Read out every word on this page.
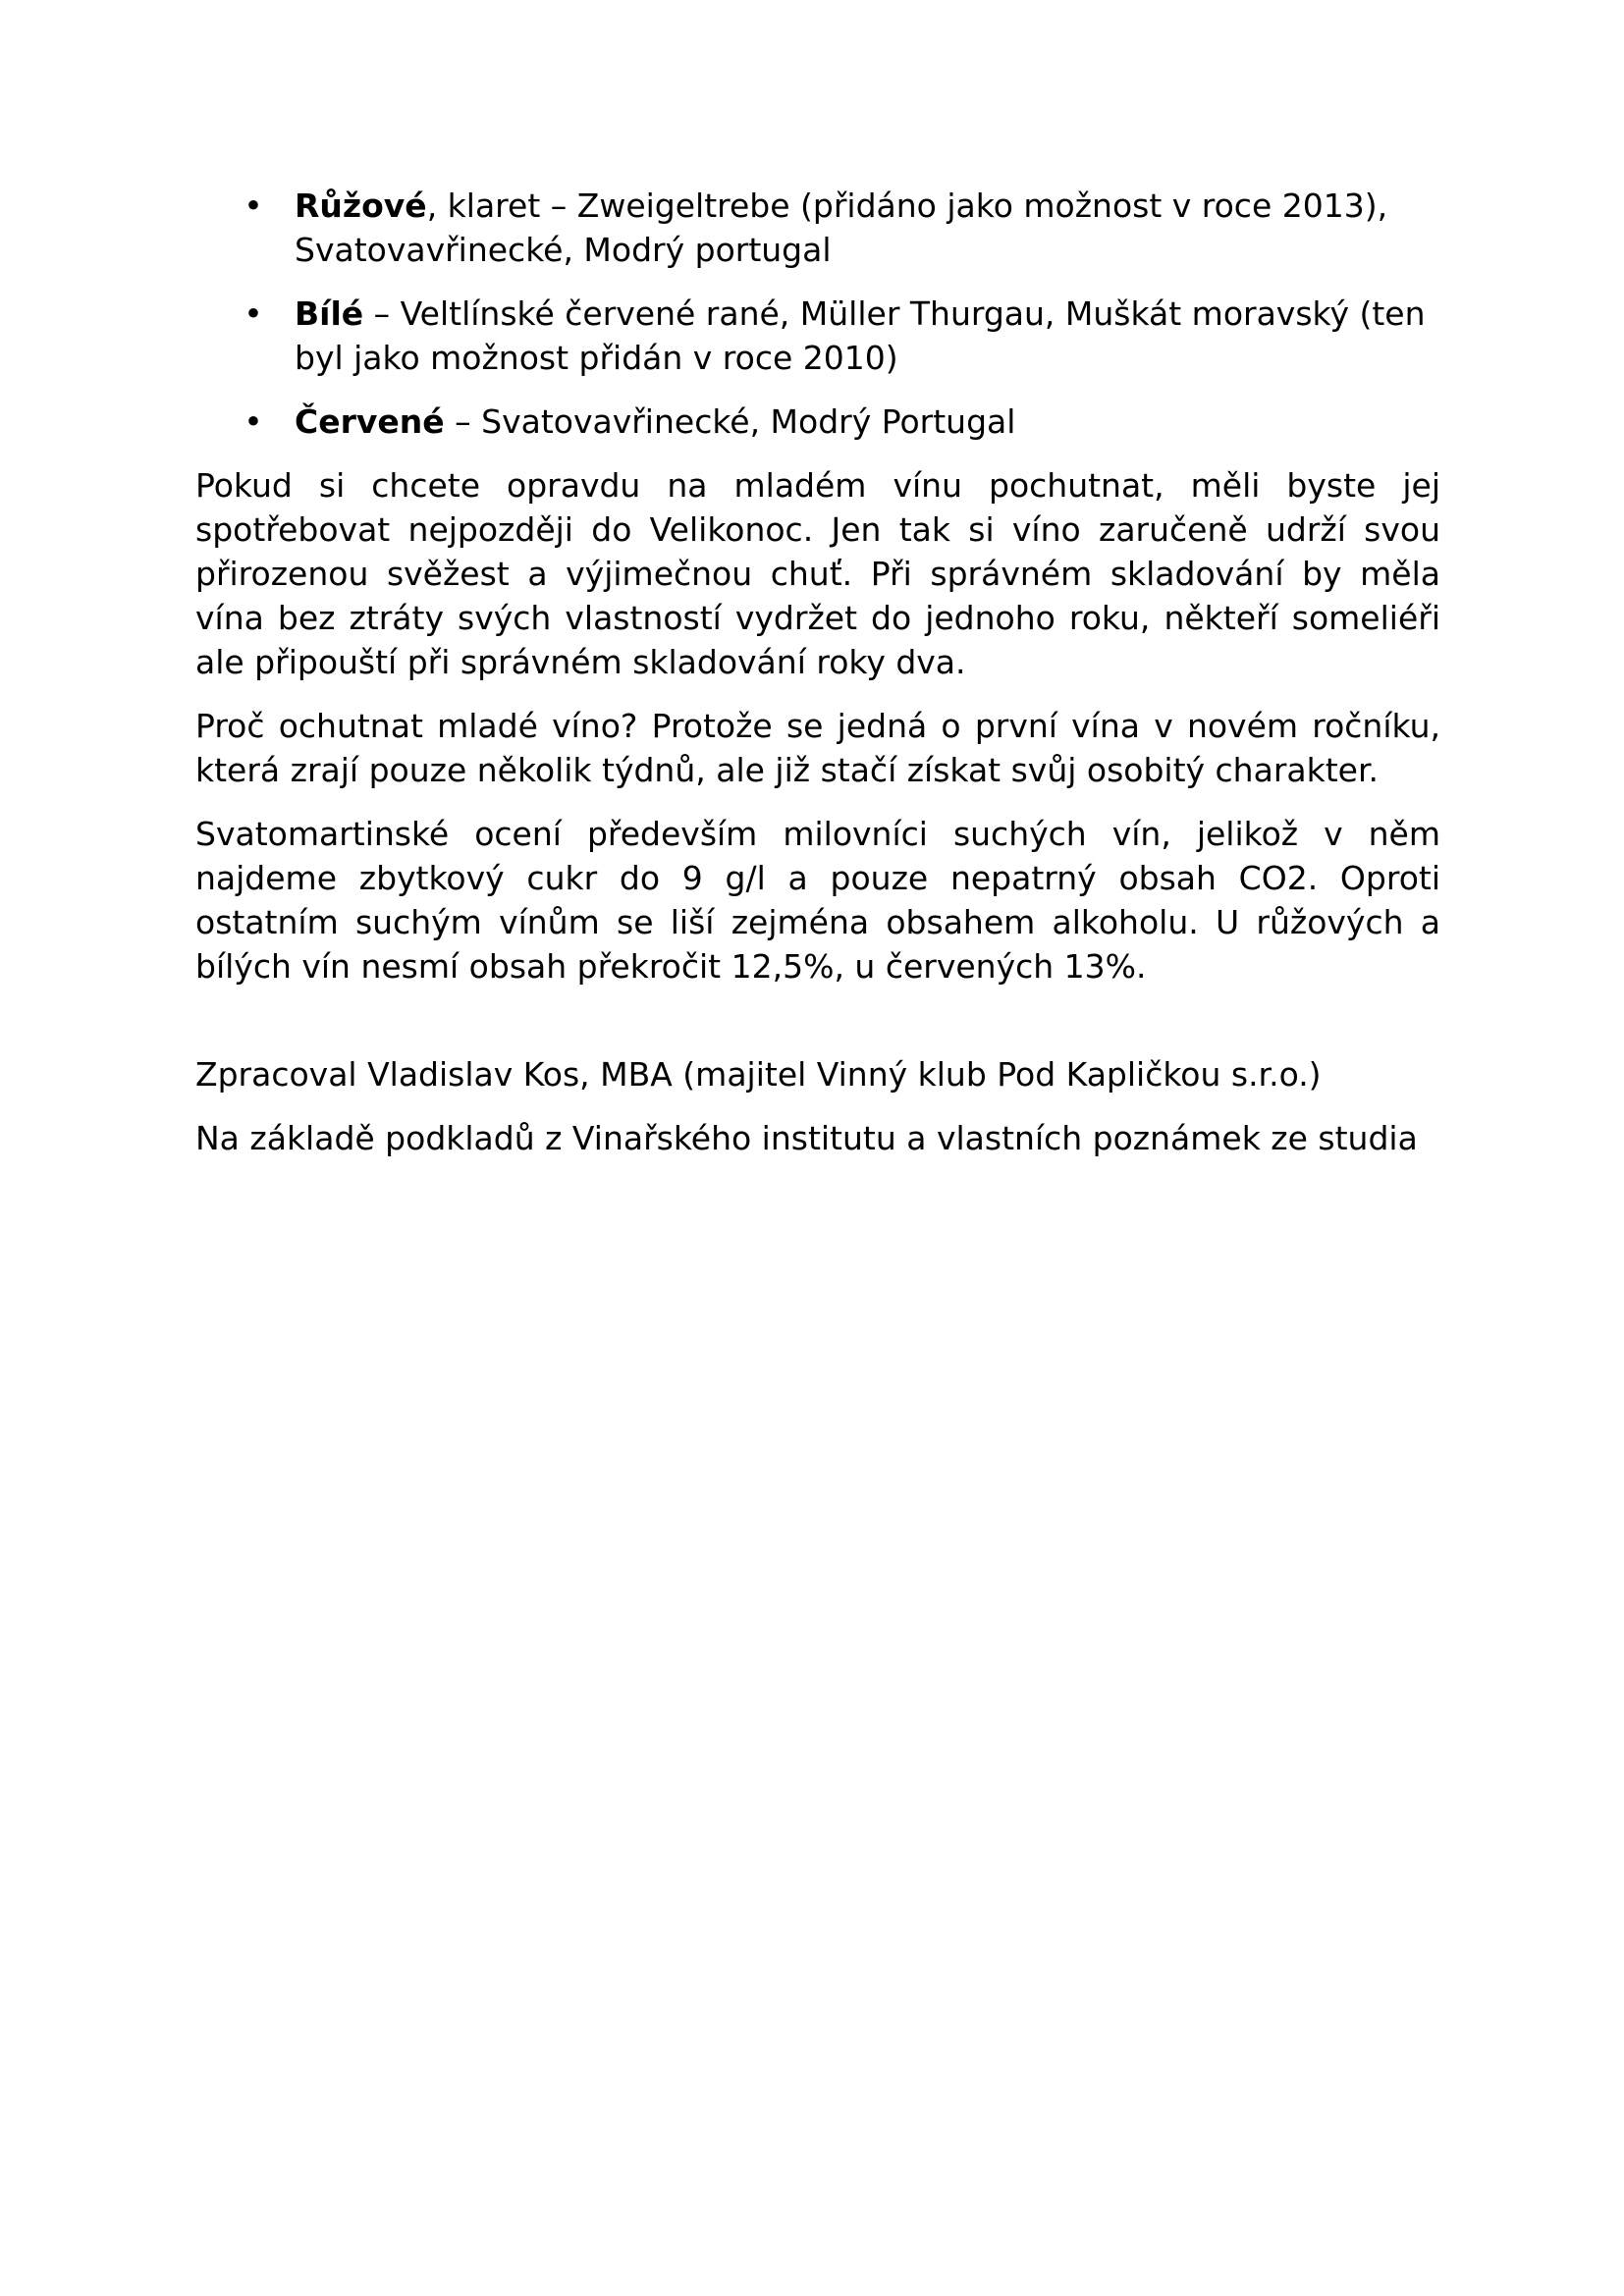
• Růžové, klaret – Zweigeltrebe (přidáno jako možnost v roce 2013), Svatovavřinecké, Modrý portugal
• Bílé – Veltlínské červené rané, Müller Thurgau, Muškát moravský (ten byl jako možnost přidán v roce 2010)
• Červené – Svatovavřinecké, Modrý Portugal

Pokud si chcete opravdu na mladém vínu pochutnat, měli byste jej spotřebovat nejpozději do Velikonoc. Jen tak si víno zaručeně udrží svou přirozenou svěžest a výjimečnou chuť. Při správném skladování by měla vína bez ztráty svých vlastností vydržet do jednoho roku, někteří someliéři ale připouští při správném skladování roky dva.

Proč ochutnat mladé víno? Protože se jedná o první vína v novém ročníku, která zrají pouze několik týdnů, ale již stačí získat svůj osobitý charakter.

Svatomartinské ocení především milovníci suchých vín, jelikož v něm najdeme zbytkový cukr do 9 g/l a pouze nepatrný obsah CO2. Oproti ostatním suchým vínům se liší zejména obsahem alkoholu. U růžových a bílých vín nesmí obsah překročit 12,5%, u červených 13%.

Zpracoval Vladislav Kos, MBA (majitel Vinný klub Pod Kapličkou s.r.o.)

Na základě podkladů z Vinařského institutu a vlastních poznámek ze studia
